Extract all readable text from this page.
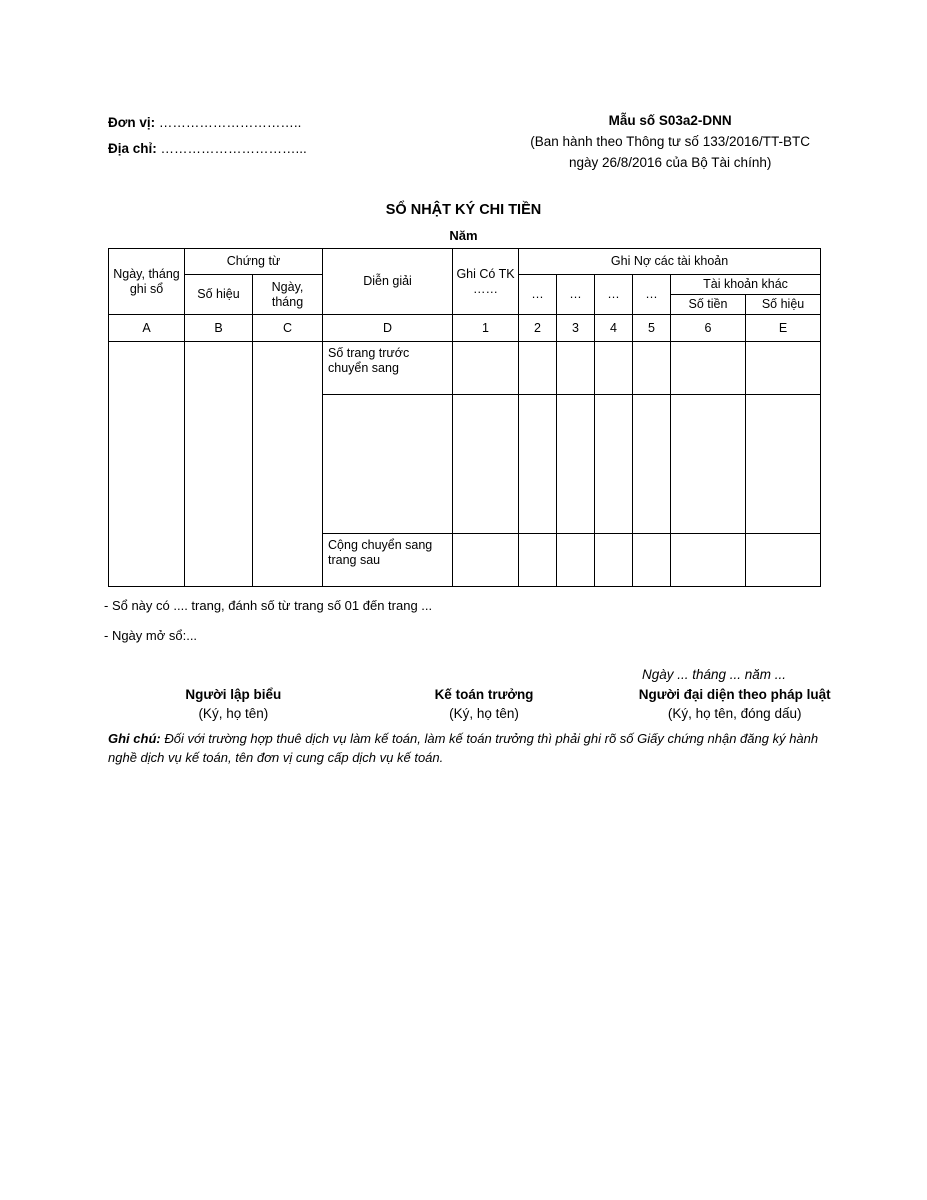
Đơn vị: …………………………..
Địa chỉ: …………………………...
Mẫu số S03a2-DNN
(Ban hành theo Thông tư số 133/2016/TT-BTC
ngày 26/8/2016 của Bộ Tài chính)
SỔ NHẬT KÝ CHI TIỀN
Năm
Ngày, tháng ghi sổ	Chứng từ		Diễn giải	Ghi Có TK ……	Ghi Nợ các tài khoản					
	Số hiệu	Ngày, tháng			…	…	…	…	Tài khoản khác	
									Số tiền	Số hiệu
A	B	C	D	1	2	3	4	5	6	E
			Số trang trước chuyển sang							

			Cộng chuyển sang trang sau							
- Sổ này có .... trang, đánh số từ trang số 01 đến trang ...
- Ngày mở sổ:...
Ngày ... tháng ... năm ...
Người lập biểu
(Ký, họ tên)
Kế toán trưởng
(Ký, họ tên)
Người đại diện theo pháp luật
(Ký, họ tên, đóng dấu)
Ghi chú: Đối với trường hợp thuê dịch vụ làm kế toán, làm kế toán trưởng thì phải ghi rõ số Giấy chứng nhận đăng ký hành nghề dịch vụ kế toán, tên đơn vị cung cấp dịch vụ kế toán.
